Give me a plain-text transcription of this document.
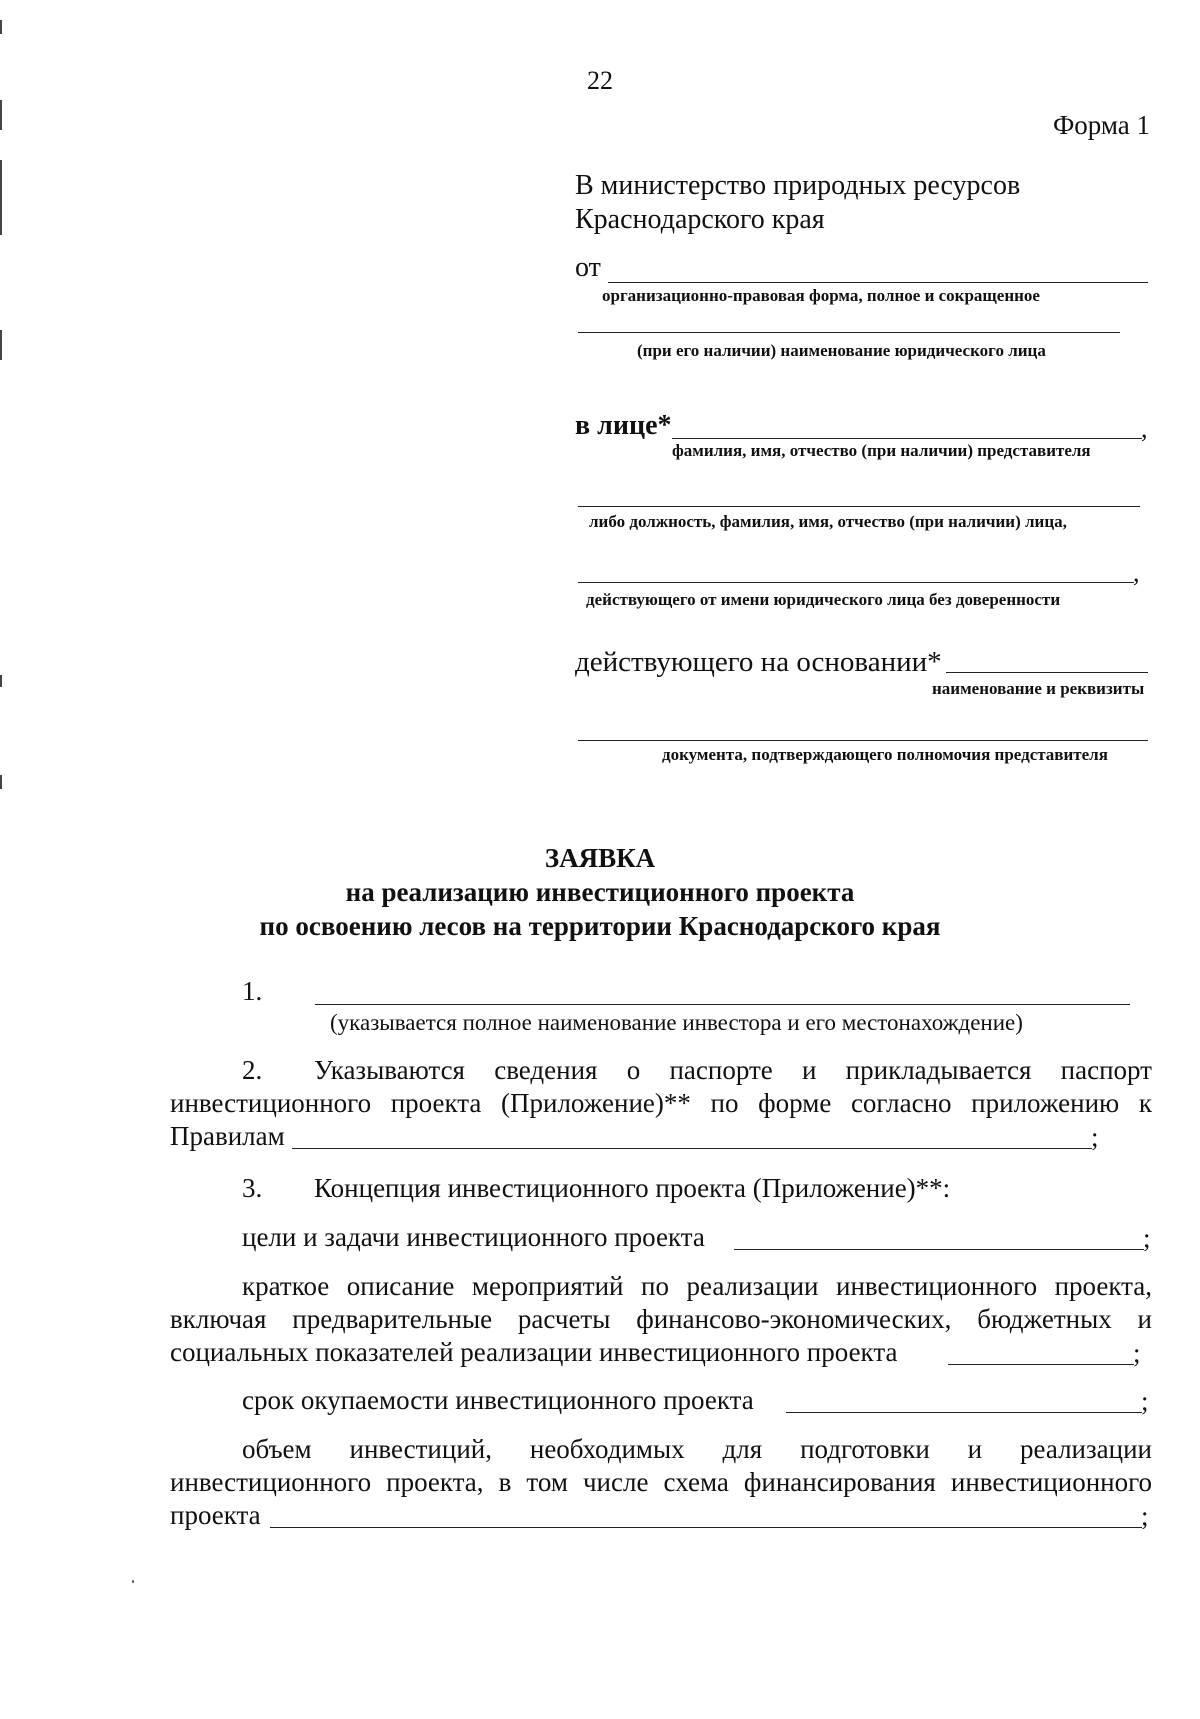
22
Форма 1
В министерство природных ресурсов
Краснодарского края
от
организационно-правовая форма, полное и сокращенное
(при его наличии) наименование юридического лица
в лице*	,
фамилия, имя, отчество (при наличии) представителя
либо должность, фамилия, имя, отчество (при наличии) лица,
,
действующего от имени юридического лица без доверенности
действующего на основании*
наименование и реквизиты
документа, подтверждающего полномочия представителя
ЗАЯВКА
на реализацию инвестиционного проекта
по освоению лесов на территории Краснодарского края
1.
(указывается полное наименование инвестора и его местонахождение)
2. Указываются сведения о паспорте и прикладывается паспорт
инвестиционного проекта (Приложение)** по форме согласно приложению к
Правилам	;
3. Концепция инвестиционного проекта (Приложение)**:
цели и задачи инвестиционного проекта	;
краткое описание мероприятий по реализации инвестиционного проекта,
включая предварительные расчеты финансово-экономических, бюджетных и
социальных показателей реализации инвестиционного проекта	;
срок окупаемости инвестиционного проекта	;
объем инвестиций, необходимых для подготовки и реализации
инвестиционного проекта, в том числе схема финансирования инвестиционного
проекта	;
